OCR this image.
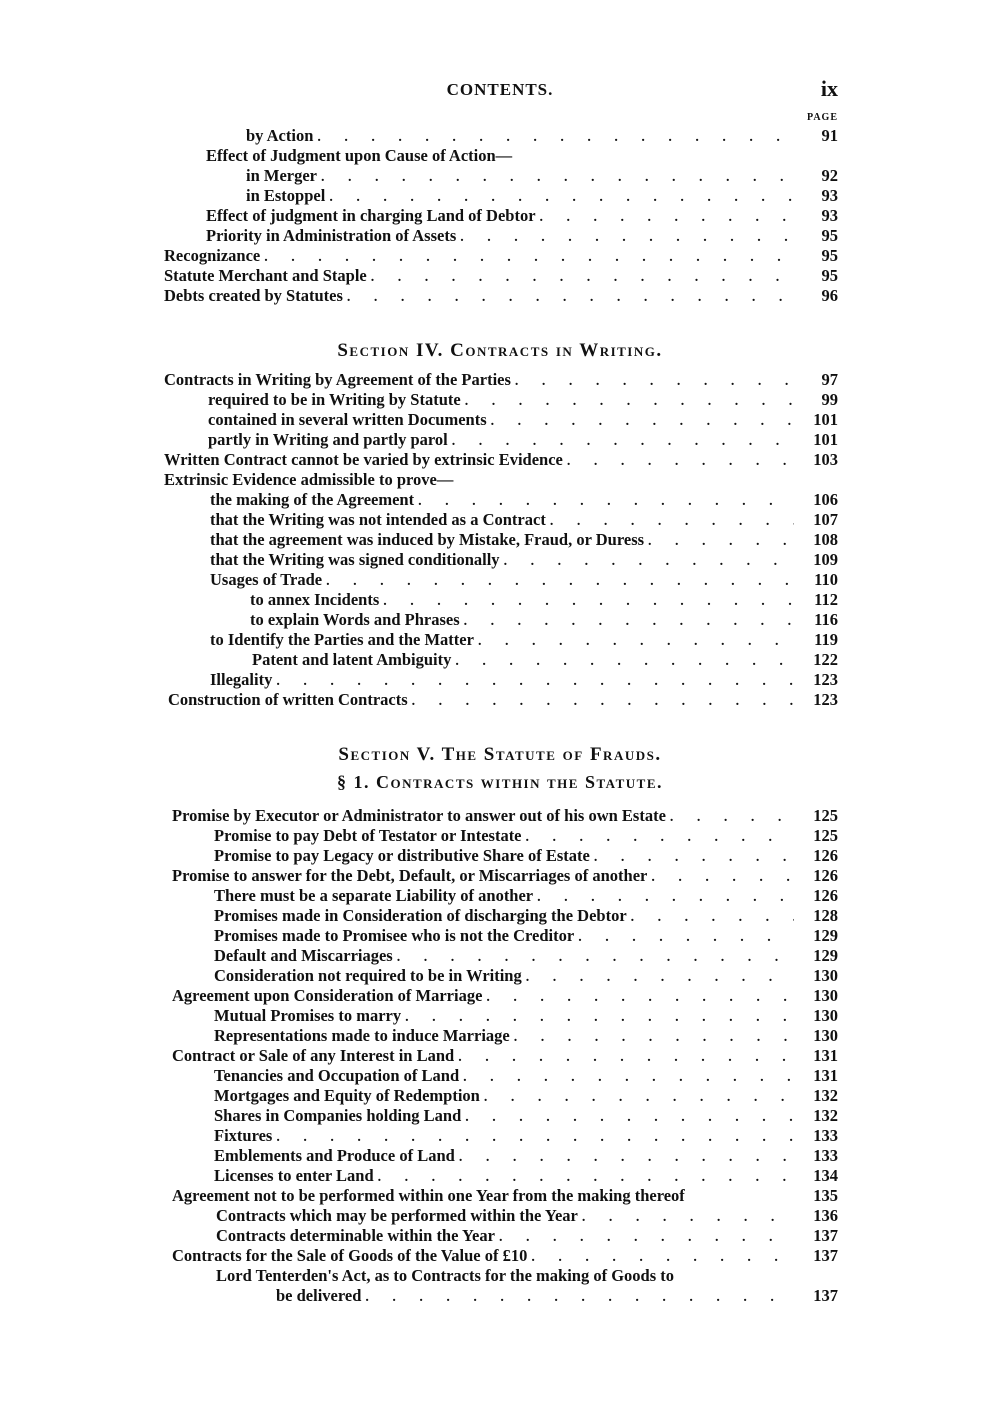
CONTENTS.	ix
PAGE
by Action . . .	91
Effect of Judgment upon Cause of Action—
in Merger . . .	92
in Estoppel . . .	93
Effect of judgment in charging Land of Debtor . . .	93
Priority in Administration of Assets . . .	95
Recognizance . . .	95
Statute Merchant and Staple . . .	95
Debts created by Statutes . . .	96
Section IV. Contracts in Writing.
Contracts in Writing by Agreement of the Parties . . .	97
required to be in Writing by Statute . . .	99
contained in several written Documents . . .	101
partly in Writing and partly parol . . .	101
Written Contract cannot be varied by extrinsic Evidence . . .	103
Extrinsic Evidence admissible to prove—
the making of the Agreement . . .	106
that the Writing was not intended as a Contract . . .	107
that the agreement was induced by Mistake, Fraud, or Duress . . .	108
that the Writing was signed conditionally . . .	109
Usages of Trade . . .	110
to annex Incidents . . .	112
to explain Words and Phrases . . .	116
to Identify the Parties and the Matter . . .	119
Patent and latent Ambiguity . . .	122
Illegality . . .	123
Construction of written Contracts . . .	123
Section V. The Statute of Frauds.
§ 1. Contracts within the Statute.
Promise by Executor or Administrator to answer out of his own Estate . . .	125
Promise to pay Debt of Testator or Intestate . . .	125
Promise to pay Legacy or distributive Share of Estate . . .	126
Promise to answer for the Debt, Default, or Miscarriages of another . . .	126
There must be a separate Liability of another . . .	126
Promises made in Consideration of discharging the Debtor . . .	128
Promises made to Promisee who is not the Creditor . . .	129
Default and Miscarriages . . .	129
Consideration not required to be in Writing . . .	130
Agreement upon Consideration of Marriage . . .	130
Mutual Promises to marry . . .	130
Representations made to induce Marriage . . .	130
Contract or Sale of any Interest in Land . . .	131
Tenancies and Occupation of Land . . .	131
Mortgages and Equity of Redemption . . .	132
Shares in Companies holding Land . . .	132
Fixtures . . .	133
Emblements and Produce of Land . . .	133
Licenses to enter Land . . .	134
Agreement not to be performed within one Year from the making thereof	135
Contracts which may be performed within the Year . . .	136
Contracts determinable within the Year . . .	137
Contracts for the Sale of Goods of the Value of £10 . . .	137
Lord Tenterden's Act, as to Contracts for the making of Goods to
be delivered . . .	137
